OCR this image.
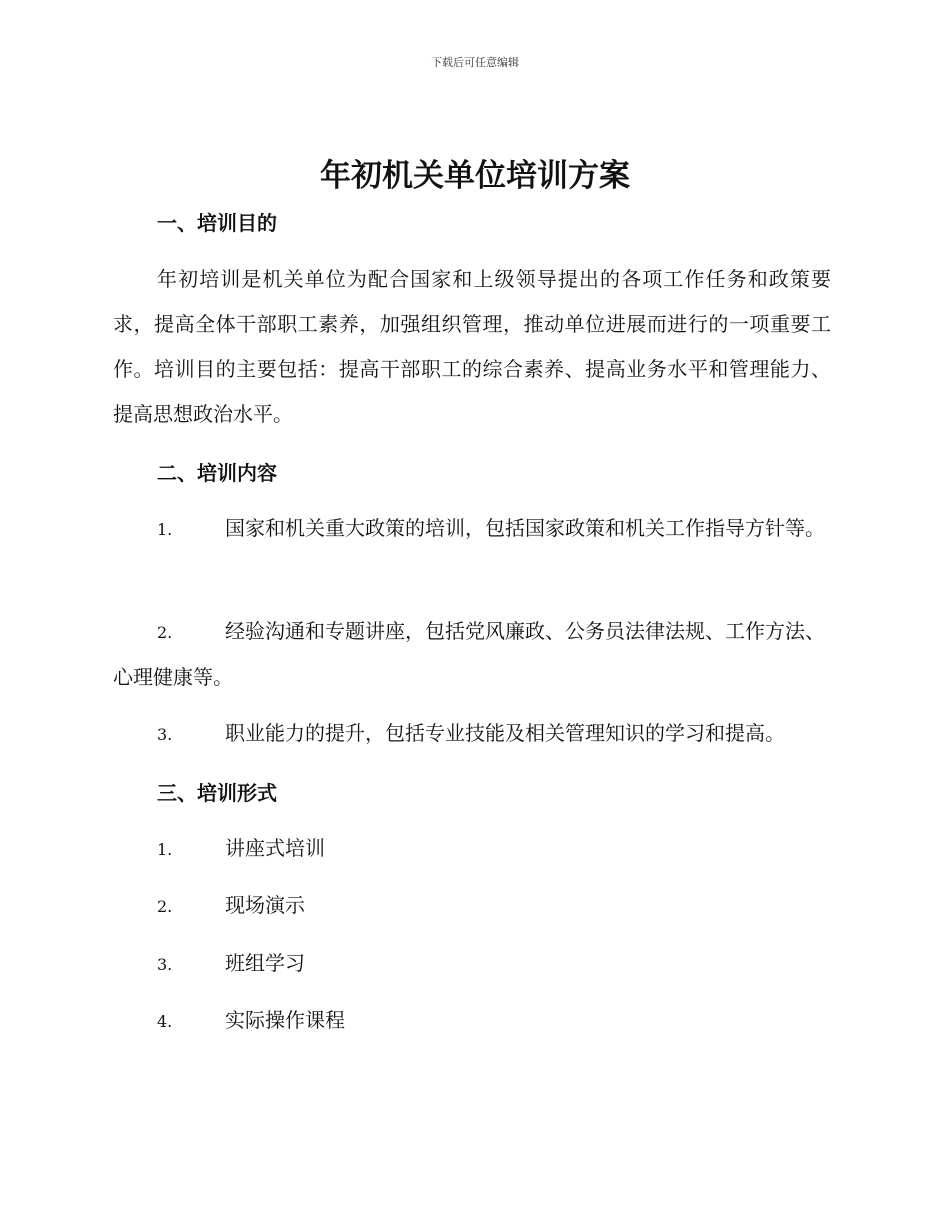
下载后可任意编辑
年初机关单位培训方案
一、培训目的

年初培训是机关单位为配合国家和上级领导提出的各项工作任务和政策要求，提高全体干部职工素养，加强组织管理，推动单位进展而进行的一项重要工作。培训目的主要包括：提高干部职工的综合素养、提高业务水平和管理能力、提高思想政治水平。

二、培训内容
1.	国家和机关重大政策的培训，包括国家政策和机关工作指导方针等。
2.	经验沟通和专题讲座，包括党风廉政、公务员法律法规、工作方法、心理健康等。
3.	职业能力的提升，包括专业技能及相关管理知识的学习和提高。
三、培训形式
1.	讲座式培训
2.	现场演示
3.	班组学习
4.	实际操作课程
